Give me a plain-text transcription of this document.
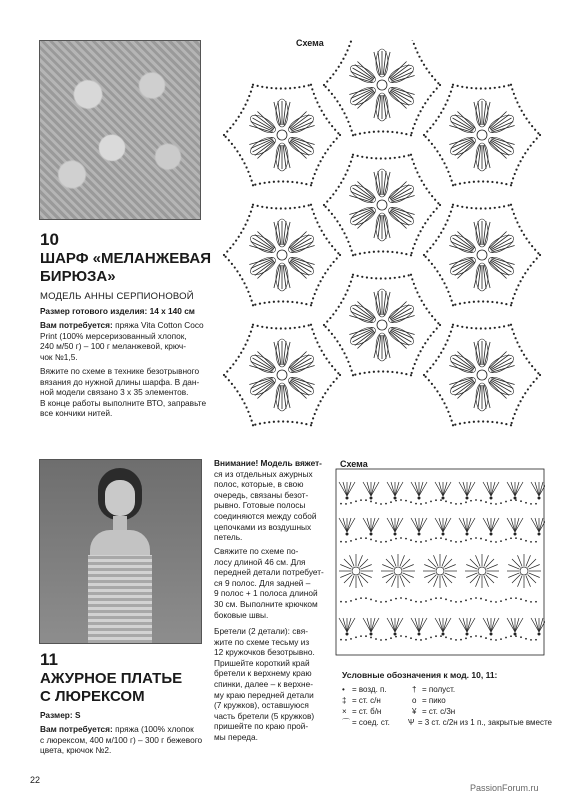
10
ШАРФ «МЕЛАНЖЕВАЯ
БИРЮЗА»
МОДЕЛЬ АННЫ СЕРПИОНОВОЙ
Размер готового изделия: 14 х 140 см
Вам потребуется: пряжа Vita Cotton Coco
Print (100% мерсеризованный хлопок,
240 м/50 г) – 100 г меланжевой, крюч-
чок №1,5.
Вяжите по схеме в технике безотрывного
вязания до нужной длины шарфа. В дан-
ной модели связано 3 х 35 элементов.
В конце работы выполните ВТО, заправьте
все кончики нитей.
Схема
11
АЖУРНОЕ ПЛАТЬЕ
С ЛЮРЕКСОМ
Размер: S
Вам потребуется: пряжа (100% хлопок
с люрексом, 400 м/100 г) – 300 г бежевого
цвета, крючок №2.
Внимание! Модель вяжет-
ся из отдельных ажурных
полос, которые, в свою
очередь, связаны безот-
рывно. Готовые полосы
соединяются между собой
цепочками из воздушных
петель.
Свяжите по схеме по-
лосу длиной 46 см. Для
передней детали потребует-
ся 9 полос. Для задней –
9 полос + 1 полоса длиной
30 см. Выполните крючком
боковые швы.
Бретели (2 детали): свя-
жите по схеме тесьму из
12 кружочков безотрывно.
Пришейте короткий край
бретели к верхнему краю
спинки, далее – к верхне-
му краю передней детали
(7 кружков), оставшуюся
часть бретели (5 кружков)
пришейте по краю прой-
мы переда.
Схема
Условные обозначения к мод. 10, 11:
• = возд. п.	† = полуст.
‡ = ст. с/н	o = пико
× = ст. б/н	¥ = ст. с/3н
⌒ = соед. ст.	Ѱ = 3 ст. с/2н из 1 п., закрытые вместе
22
PassionForum.ru
